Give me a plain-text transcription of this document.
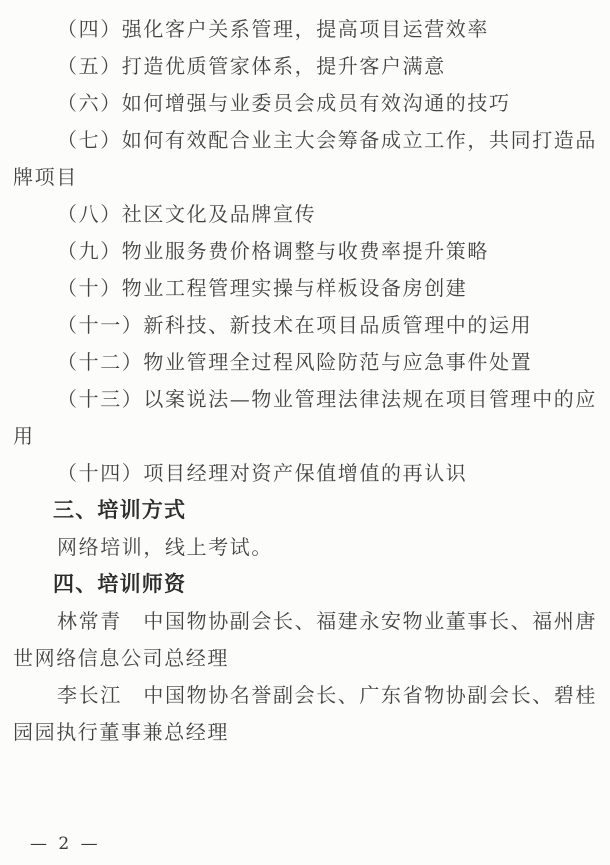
（四）强化客户关系管理，提高项目运营效率

（五）打造优质管家体系，提升客户满意

（六）如何增强与业委员会成员有效沟通的技巧

（七）如何有效配合业主大会筹备成立工作，共同打造品牌项目

（八）社区文化及品牌宣传

（九）物业服务费价格调整与收费率提升策略

（十）物业工程管理实操与样板设备房创建

（十一）新科技、新技术在项目品质管理中的运用

（十二）物业管理全过程风险防范与应急事件处置

（十三）以案说法—物业管理法律法规在项目管理中的应用

（十四）项目经理对资产保值增值的再认识

三、培训方式

网络培训，线上考试。

四、培训师资

林常青　中国物协副会长、福建永安物业董事长、福州唐世网络信息公司总经理

李长江　中国物协名誉副会长、广东省物协副会长、碧桂园园执行董事兼总经理

— 2 —
